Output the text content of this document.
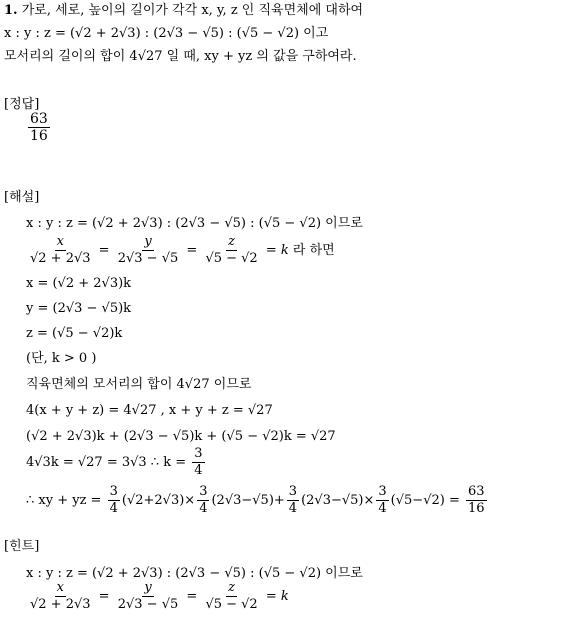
1. 가로, 세로, 높이의 길이가 각각 x, y, z 인 직육면체에 대하여
x : y : z = (√2 + 2√3) : (2√3 − √5) : (√5 − √2) 이고
모서리의 길이의 합이 4√27 일 때, xy + yz 의 값을 구하여라.
[정답]
$\frac{63}{16}$
[해설]
x : y : z = (√2 + 2√3) : (2√3 − √5) : (√5 − √2) 이므로
$\frac{x}{√2 + 2√3} = \frac{y}{2√3 - √5} = \frac{z}{√5 - √2} = k$ 라 하면
x = (√2 + 2√3)k
y = (2√3 − √5)k
z = (√5 − √2)k
(단, k > 0 )
직육면체의 모서리의 합이 4√27 이므로
4(x + y + z) = 4√27 , x + y + z = √27
(√2 + 2√3)k + (2√3 − √5)k + (√5 − √2)k = √27
4√3k = √27 = 3√3 ∴ $k = \frac{3}{4}$
∴ xy + yz = $\frac{3}{4} (√2+2√3)\times \frac{3}{4} (2√3-√5)+ \frac{3}{4} (2√3-√5)\times \frac{3}{4} (√5-√2) = \frac{63}{16}$
[힌트]
x : y : z = (√2 + 2√3) : (2√3 − √5) : (√5 − √2) 이므로
$\frac{x}{√2 + 2√3} = \frac{y}{2√3 - √5} = \frac{z}{√5 - √2} = k$
